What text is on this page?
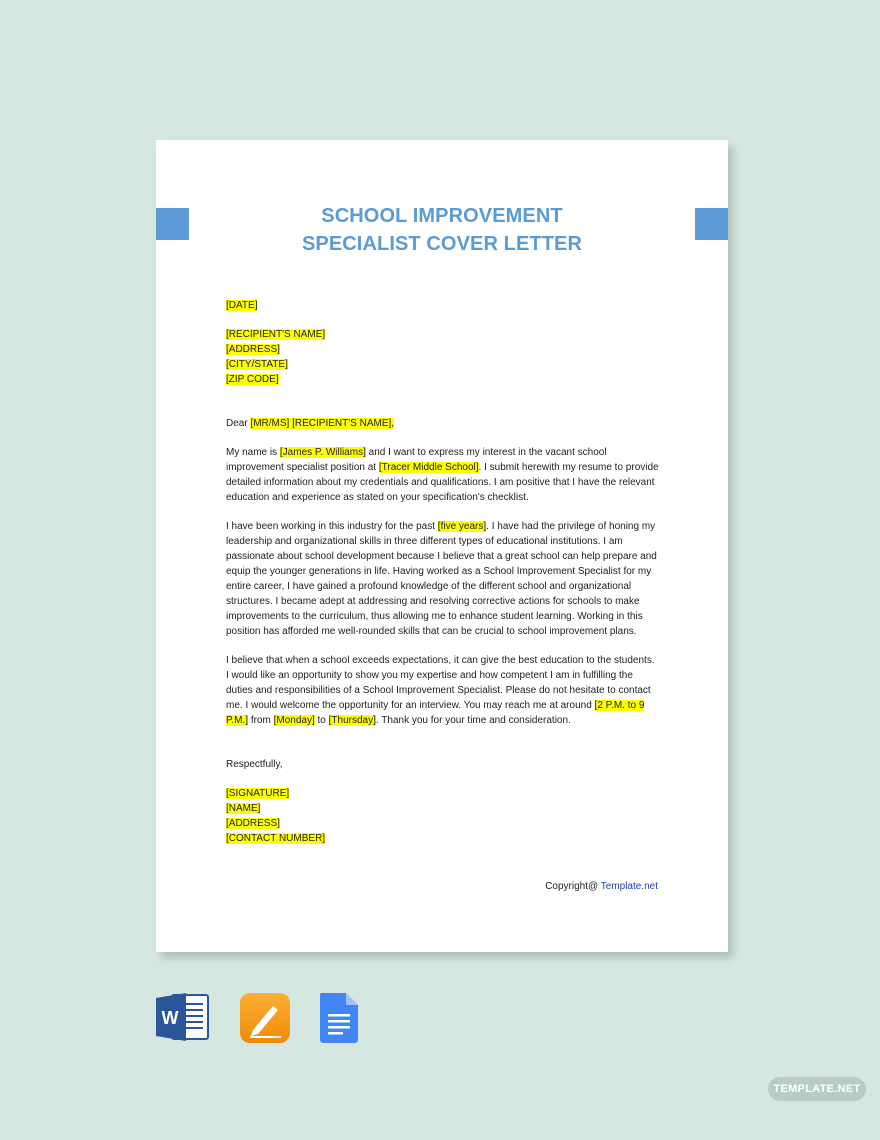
SCHOOL IMPROVEMENT
SPECIALIST COVER LETTER

[DATE]

[RECIPIENT'S NAME]

[ADDRESS]

[CITY/STATE]

[ZIP CODE]

Dear [MR/MS] [RECIPIENT'S NAME],

My name is [James P. Williams] and I want to express my interest in the vacant school improvement specialist position at [Tracer Middle School]. I submit herewith my resume to provide detailed information about my credentials and qualifications. I am positive that I have the relevant education and experience as stated on your specification's checklist.

I have been working in this industry for the past [five years]. I have had the privilege of honing my leadership and organizational skills in three different types of educational institutions. I am passionate about school development because I believe that a great school can help prepare and equip the younger generations in life. Having worked as a School Improvement Specialist for my entire career, I have gained a profound knowledge of the different school and organizational structures. I became adept at addressing and resolving corrective actions for schools to make improvements to the curriculum, thus allowing me to enhance student learning. Working in this position has afforded me well-rounded skills that can be crucial to school improvement plans.

I believe that when a school exceeds expectations, it can give the best education to the students. I would like an opportunity to show you my expertise and how competent I am in fulfilling the duties and responsibilities of a School Improvement Specialist. Please do not hesitate to contact me. I would welcome the opportunity for an interview. You may reach me at around [2 P.M. to 9 P.M.] from [Monday] to [Thursday]. Thank you for your time and consideration.

Respectfully,

[SIGNATURE]

[NAME]

[ADDRESS]

[CONTACT NUMBER]

Copyright@ Template.net
W
TEMPLATE.NET
